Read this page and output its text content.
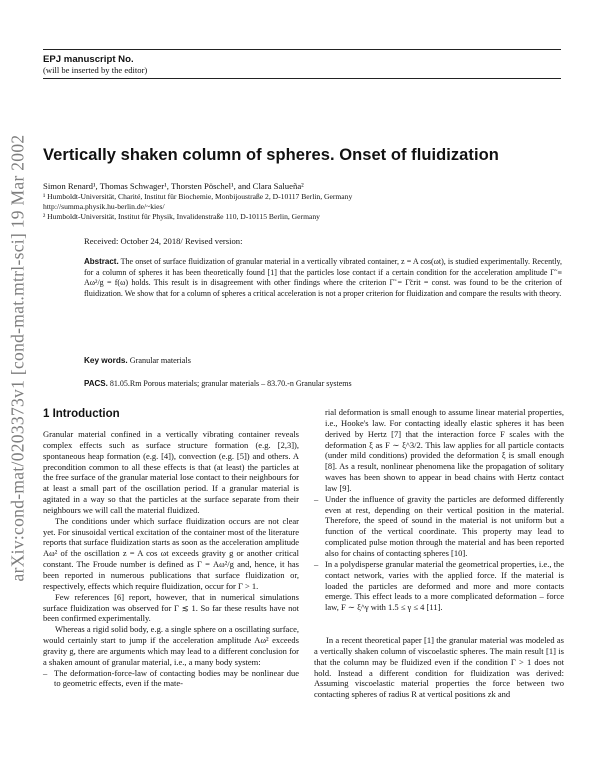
arXiv:cond-mat/0203373v1 [cond-mat.mtrl-sci] 19 Mar 2002
EPJ manuscript No.
(will be inserted by the editor)
Vertically shaken column of spheres. Onset of fluidization
Simon Renard¹, Thomas Schwager¹, Thorsten Pöschel¹, and Clara Salueña²
¹ Humboldt-Universität, Charité, Institut für Biochemie, Monbijoustraße 2, D-10117 Berlin, Germany
http://summa.physik.hu-berlin.de/~kies/
² Humboldt-Universität, Institut für Physik, Invalidenstraße 110, D-10115 Berlin, Germany
Received: October 24, 2018/ Revised version:
Abstract. The onset of surface fluidization of granular material in a vertically vibrated container, z = A cos(ωt), is studied experimentally. Recently, for a column of spheres it has been theoretically found [1] that the particles lose contact if a certain condition for the acceleration amplitude Γ̃ ≡ Aω²/g = f(ω) holds. This result is in disagreement with other findings where the criterion Γ̃ = Γ̃crit = const. was found to be the criterion of fluidization. We show that for a column of spheres a critical acceleration is not a proper criterion for fluidization and compare the results with theory.
Key words. Granular materials
PACS. 81.05.Rm Porous materials; granular materials – 83.70.-n Granular systems
1 Introduction

Granular material confined in a vertically vibrating container reveals complex effects such as surface structure formation (e.g. [2,3]), spontaneous heap formation (e.g. [4]), convection (e.g. [5]) and others. A precondition common to all these effects is that (at least) the particles at the free surface of the granular material lose contact to their neighbours for at least a small part of the oscillation period. If a granular material is agitated in a way so that the particles at the surface separate from their neighbours we will call the material fluidized.

The conditions under which surface fluidization occurs are not clear yet. For sinusoidal vertical excitation of the container most of the literature reports that surface fluidization starts as soon as the acceleration amplitude Aω² of the oscillation z = A cos ωt exceeds gravity g or another critical constant. The Froude number is defined as Γ = Aω²/g and, hence, it has been reported in numerous publications that surface fluidization or, respectively, effects which require fluidization, occur for Γ > 1.

Few references [6] report, however, that in numerical simulations surface fluidization was observed for Γ ≲ 1. So far these results have not been confirmed experimentally.

Whereas a rigid solid body, e.g. a single sphere on a oscillating surface, would certainly start to jump if the acceleration amplitude Aω² exceeds gravity g, there are arguments which may lead to a different conclusion for a shaken amount of granular material, i.e., a many body system:

– The deformation-force-law of contacting bodies may be nonlinear due to geometric effects, even if the mate-
rial deformation is small enough to assume linear material properties, i.e., Hooke's law. For contacting ideally elastic spheres it has been derived by Hertz [7] that the interaction force F scales with the deformation ξ as F ∼ ξ^3/2. This law applies for all particle contacts (under mild conditions) provided the deformation ξ is small enough [8]. As a result, nonlinear phenomena like the propagation of solitary waves has been shown to appear in bead chains with Hertz contact law [9].
– Under the influence of gravity the particles are deformed differently even at rest, depending on their vertical position in the material. Therefore, the speed of sound in the material is not uniform but a function of the vertical coordinate. This property may lead to complicated pulse motion through the material and has been reported also for chains of contacting spheres [10].
– In a polydisperse granular material the geometrical properties, i.e., the contact network, varies with the applied force. If the material is loaded the particles are deformed and more and more contacts emerge. This effect leads to a more complicated deformation – force law, F ∼ ξ^γ with 1.5 ≤ γ ≤ 4 [11].

In a recent theoretical paper [1] the granular material was modeled as a vertically shaken column of viscoelastic spheres. The main result [1] is that the column may be fluidized even if the condition Γ > 1 does not hold. Instead a different condition for fluidization was derived: Assuming viscoelastic material properties the force between two contacting spheres of radius R at vertical positions zk and
